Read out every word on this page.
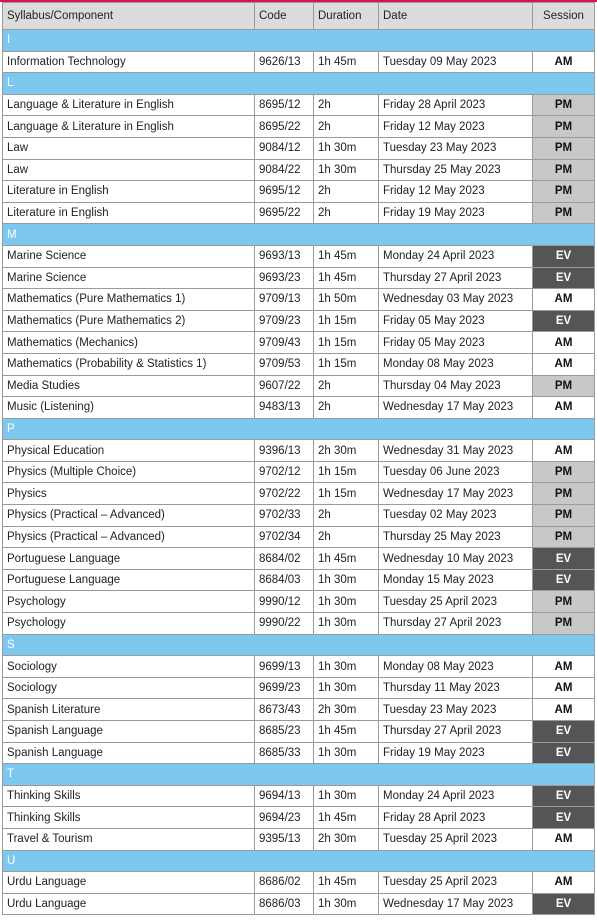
Syllabus/Component	Code	Duration	Date	Session
I				
Information Technology	9626/13	1h 45m	Tuesday 09 May 2023	AM
L				
Language & Literature in English	8695/12	2h	Friday 28 April 2023	PM
Language & Literature in English	8695/22	2h	Friday 12 May 2023	PM
Law	9084/12	1h 30m	Tuesday 23 May 2023	PM
Law	9084/22	1h 30m	Thursday 25 May 2023	PM
Literature in English	9695/12	2h	Friday 12 May 2023	PM
Literature in English	9695/22	2h	Friday 19 May 2023	PM
M				
Marine Science	9693/13	1h 45m	Monday 24 April 2023	EV
Marine Science	9693/23	1h 45m	Thursday 27 April 2023	EV
Mathematics (Pure Mathematics 1)	9709/13	1h 50m	Wednesday 03 May 2023	AM
Mathematics (Pure Mathematics 2)	9709/23	1h 15m	Friday 05 May 2023	EV
Mathematics (Mechanics)	9709/43	1h 15m	Friday 05 May 2023	AM
Mathematics (Probability & Statistics 1)	9709/53	1h 15m	Monday 08 May 2023	AM
Media Studies	9607/22	2h	Thursday 04 May 2023	PM
Music (Listening)	9483/13	2h	Wednesday 17 May 2023	AM
P				
Physical Education	9396/13	2h 30m	Wednesday 31 May 2023	AM
Physics (Multiple Choice)	9702/12	1h 15m	Tuesday 06 June 2023	PM
Physics	9702/22	1h 15m	Wednesday 17 May 2023	PM
Physics (Practical – Advanced)	9702/33	2h	Tuesday 02 May 2023	PM
Physics (Practical – Advanced)	9702/34	2h	Thursday 25 May 2023	PM
Portuguese Language	8684/02	1h 45m	Wednesday 10 May 2023	EV
Portuguese Language	8684/03	1h 30m	Monday 15 May 2023	EV
Psychology	9990/12	1h 30m	Tuesday 25 April 2023	PM
Psychology	9990/22	1h 30m	Thursday 27 April 2023	PM
S				
Sociology	9699/13	1h 30m	Monday 08 May 2023	AM
Sociology	9699/23	1h 30m	Thursday 11 May 2023	AM
Spanish Literature	8673/43	2h 30m	Tuesday 23 May 2023	AM
Spanish Language	8685/23	1h 45m	Thursday 27 April 2023	EV
Spanish Language	8685/33	1h 30m	Friday 19 May 2023	EV
T				
Thinking Skills	9694/13	1h 30m	Monday 24 April 2023	EV
Thinking Skills	9694/23	1h 45m	Friday 28 April 2023	EV
Travel & Tourism	9395/13	2h 30m	Tuesday 25 April 2023	AM
U				
Urdu Language	8686/02	1h 45m	Tuesday 25 April 2023	AM
Urdu Language	8686/03	1h 30m	Wednesday 17 May 2023	EV
